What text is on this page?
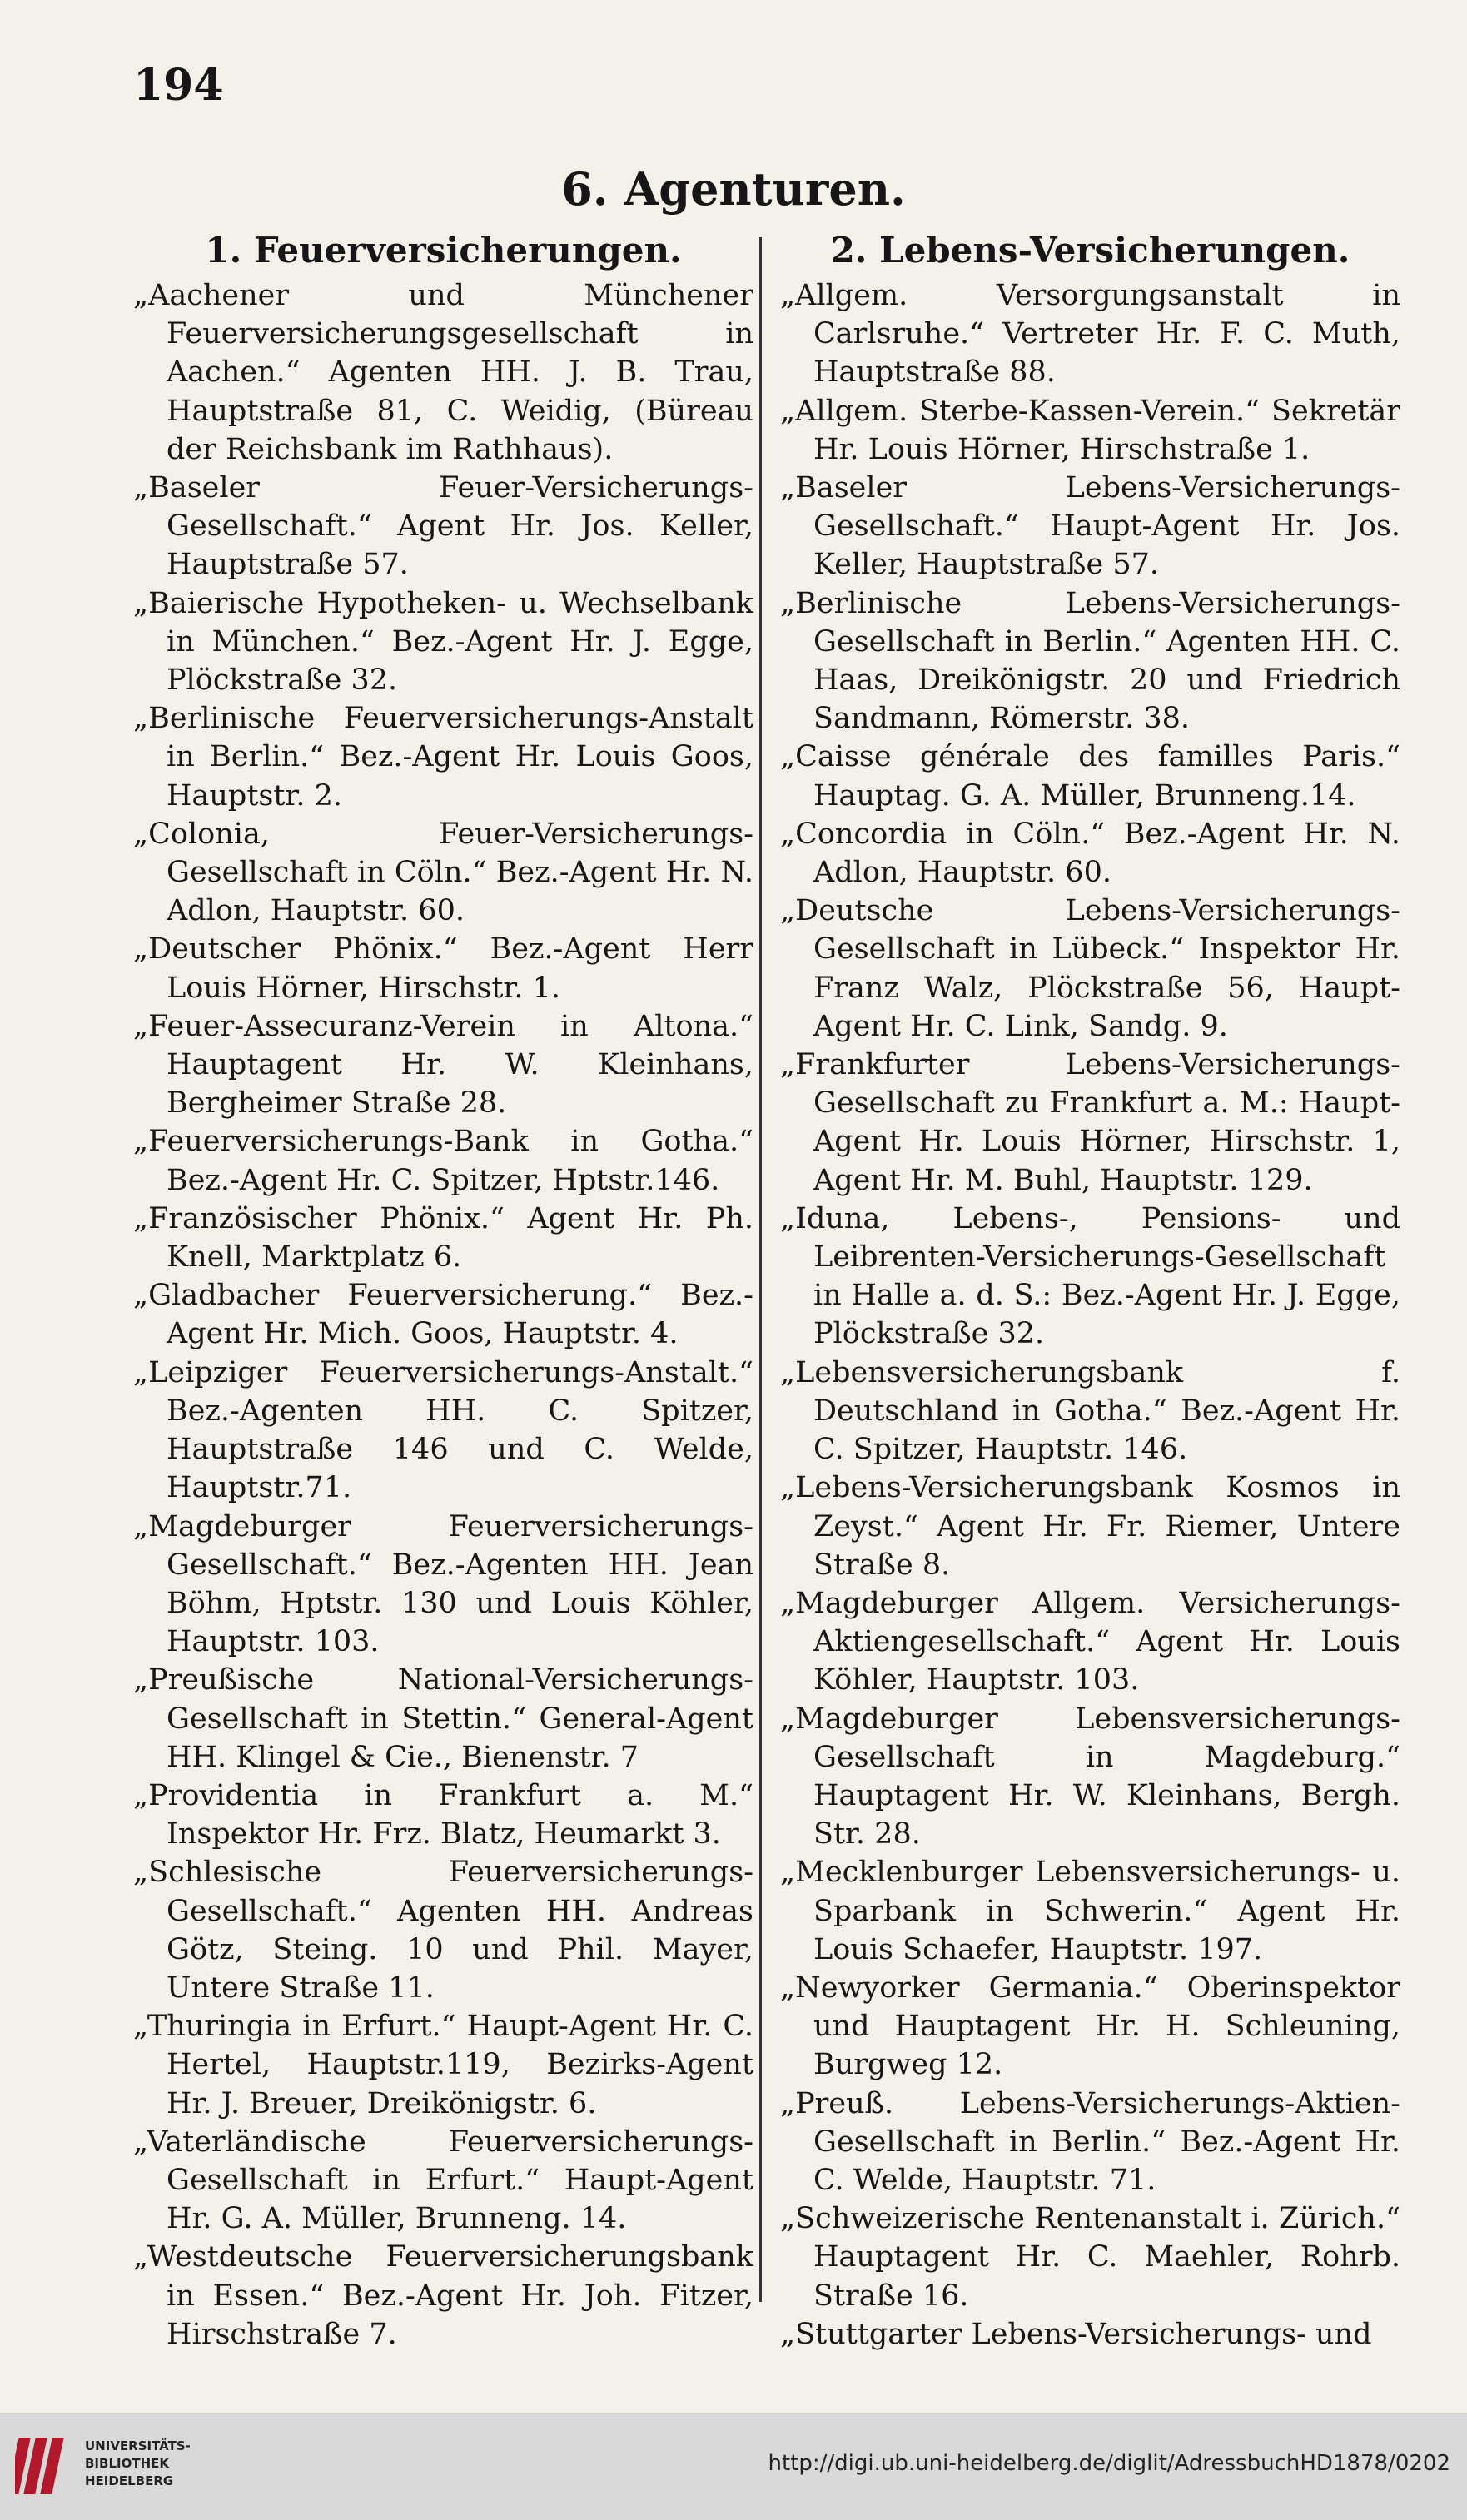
194
6. Agenturen.
1. Feuerversicherungen.

„Aachener und Münchener Feuerversicherungsgesellschaft in Aachen.“ Agenten HH. J. B. Trau, Hauptstraße 81, C. Weidig, (Büreau der Reichsbank im Rathhaus).

„Baseler Feuer-Versicherungs-Gesellschaft.“ Agent Hr. Jos. Keller, Hauptstraße 57.

„Baierische Hypotheken- u. Wechselbank in München.“ Bez.-Agent Hr. J. Egge, Plöckstraße 32.

„Berlinische Feuerversicherungs-Anstalt in Berlin.“ Bez.-Agent Hr. Louis Goos, Hauptstr. 2.

„Colonia, Feuer-Versicherungs-Gesellschaft in Cöln.“ Bez.-Agent Hr. N. Adlon, Hauptstr. 60.

„Deutscher Phönix.“ Bez.-Agent Herr Louis Hörner, Hirschstr. 1.

„Feuer-Assecuranz-Verein in Altona.“ Hauptagent Hr. W. Kleinhans, Bergheimer Straße 28.

„Feuerversicherungs-Bank in Gotha.“ Bez.-Agent Hr. C. Spitzer, Hptstr.146.

„Französischer Phönix.“ Agent Hr. Ph. Knell, Marktplatz 6.

„Gladbacher Feuerversicherung.“ Bez.-Agent Hr. Mich. Goos, Hauptstr. 4.

„Leipziger Feuerversicherungs-Anstalt.“ Bez.-Agenten HH. C. Spitzer, Hauptstraße 146 und C. Welde, Hauptstr.71.

„Magdeburger Feuerversicherungs-Gesellschaft.“ Bez.-Agenten HH. Jean Böhm, Hptstr. 130 und Louis Köhler, Hauptstr. 103.

„Preußische National-Versicherungs-Gesellschaft in Stettin.“ General-Agent HH. Klingel & Cie., Bienenstr. 7

„Providentia in Frankfurt a. M.“ Inspektor Hr. Frz. Blatz, Heumarkt 3.

„Schlesische Feuerversicherungs-Gesellschaft.“ Agenten HH. Andreas Götz, Steing. 10 und Phil. Mayer, Untere Straße 11.

„Thuringia in Erfurt.“ Haupt-Agent Hr. C. Hertel, Hauptstr.119, Bezirks-Agent Hr. J. Breuer, Dreikönigstr. 6.

„Vaterländische Feuerversicherungs-Gesellschaft in Erfurt.“ Haupt-Agent Hr. G. A. Müller, Brunneng. 14.

„Westdeutsche Feuerversicherungsbank in Essen.“ Bez.-Agent Hr. Joh. Fitzer, Hirschstraße 7.

2. Lebens-Versicherungen.

„Allgem. Versorgungsanstalt in Carlsruhe.“ Vertreter Hr. F. C. Muth, Hauptstraße 88.

„Allgem. Sterbe-Kassen-Verein.“ Sekretär Hr. Louis Hörner, Hirschstraße 1.

„Baseler Lebens-Versicherungs-Gesellschaft.“ Haupt-Agent Hr. Jos. Keller, Hauptstraße 57.

„Berlinische Lebens-Versicherungs-Gesellschaft in Berlin.“ Agenten HH. C. Haas, Dreikönigstr. 20 und Friedrich Sandmann, Römerstr. 38.

„Caisse générale des familles Paris.“ Hauptag. G. A. Müller, Brunneng.14.

„Concordia in Cöln.“ Bez.-Agent Hr. N. Adlon, Hauptstr. 60.

„Deutsche Lebens-Versicherungs-Gesellschaft in Lübeck.“ Inspektor Hr. Franz Walz, Plöckstraße 56, Haupt-Agent Hr. C. Link, Sandg. 9.

„Frankfurter Lebens-Versicherungs-Gesellschaft zu Frankfurt a. M.: Haupt-Agent Hr. Louis Hörner, Hirschstr. 1, Agent Hr. M. Buhl, Hauptstr. 129.

„Iduna, Lebens-, Pensions- und Leibrenten-Versicherungs-Gesellschaft in Halle a. d. S.: Bez.-Agent Hr. J. Egge, Plöckstraße 32.

„Lebensversicherungsbank f. Deutschland in Gotha.“ Bez.-Agent Hr. C. Spitzer, Hauptstr. 146.

„Lebens-Versicherungsbank Kosmos in Zeyst.“ Agent Hr. Fr. Riemer, Untere Straße 8.

„Magdeburger Allgem. Versicherungs-Aktiengesellschaft.“ Agent Hr. Louis Köhler, Hauptstr. 103.

„Magdeburger Lebensversicherungs-Gesellschaft in Magdeburg.“ Hauptagent Hr. W. Kleinhans, Bergh. Str. 28.

„Mecklenburger Lebensversicherungs- u. Sparbank in Schwerin.“ Agent Hr. Louis Schaefer, Hauptstr. 197.

„Newyorker Germania.“ Oberinspektor und Hauptagent Hr. H. Schleuning, Burgweg 12.

„Preuß. Lebens-Versicherungs-Aktien-Gesellschaft in Berlin.“ Bez.-Agent Hr. C. Welde, Hauptstr. 71.

„Schweizerische Rentenanstalt i. Zürich.“ Hauptagent Hr. C. Maehler, Rohrb. Straße 16.

„Stuttgarter Lebens-Versicherungs- und

UNIVERSITÄTS-
BIBLIOTHEK
HEIDELBERG
http://digi.ub.uni-heidelberg.de/diglit/AdressbuchHD1878/0202
